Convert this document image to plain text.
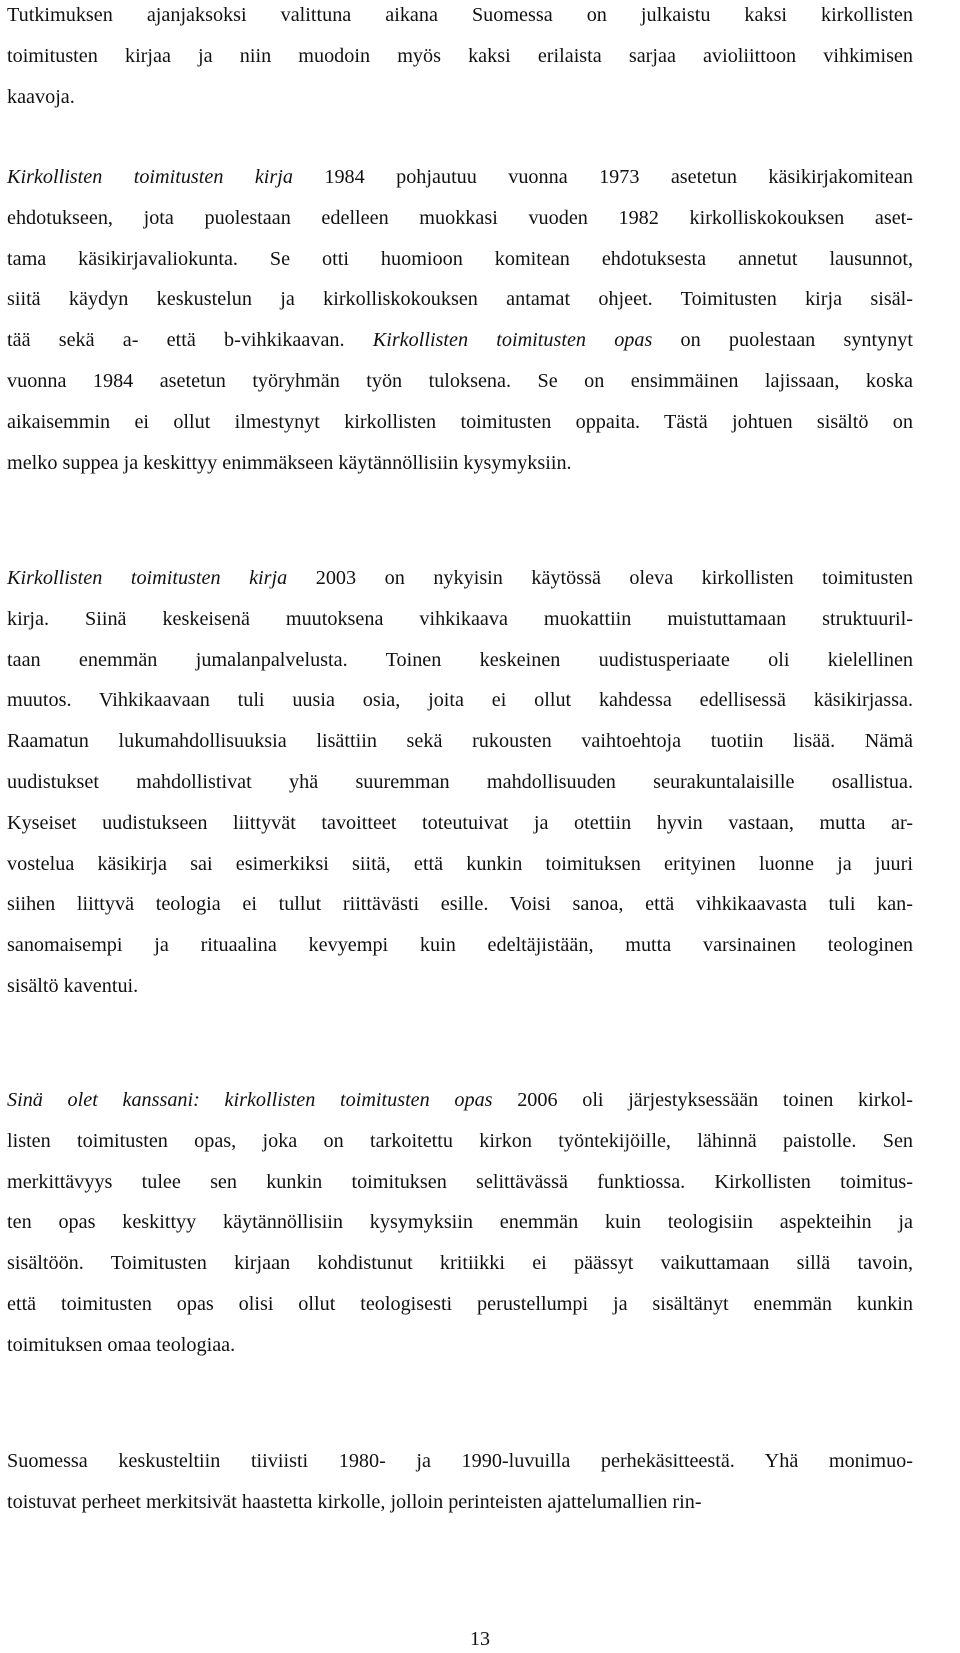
Tutkimuksen ajanjaksoksi valittuna aikana Suomessa on julkaistu kaksi kirkollisten
toimitusten kirjaa ja niin muodoin myös kaksi erilaista sarjaa avioliittoon vihkimisen
kaavoja.
Kirkollisten toimitusten kirja 1984 pohjautuu vuonna 1973 asetetun käsikirjakomitean
ehdotukseen, jota puolestaan edelleen muokkasi vuoden 1982 kirkolliskokouksen aset-
tama käsikirjavaliokunta. Se otti huomioon komitean ehdotuksesta annetut lausunnot,
siitä käydyn keskustelun ja kirkolliskokouksen antamat ohjeet. Toimitusten kirja sisäl-
tää sekä a- että b-vihkikaavan. Kirkollisten toimitusten opas on puolestaan syntynyt
vuonna 1984 asetetun työryhmän työn tuloksena. Se on ensimmäinen lajissaan, koska
aikaisemmin ei ollut ilmestynyt kirkollisten toimitusten oppaita. Tästä johtuen sisältö on
melko suppea ja keskittyy enimmäkseen käytännöllisiin kysymyksiin.
Kirkollisten toimitusten kirja 2003 on nykyisin käytössä oleva kirkollisten toimitusten
kirja. Siinä keskeisenä muutoksena vihkikaava muokattiin muistuttamaan struktuuril-
taan enemmän jumalanpalvelusta. Toinen keskeinen uudistusperiaate oli kielellinen
muutos. Vihkikaavaan tuli uusia osia, joita ei ollut kahdessa edellisessä käsikirjassa.
Raamatun lukumahdollisuuksia lisättiin sekä rukousten vaihtoehtoja tuotiin lisää. Nämä
uudistukset mahdollistivat yhä suuremman mahdollisuuden seurakuntalaisille osallistua.
Kyseiset uudistukseen liittyvät tavoitteet toteutuivat ja otettiin hyvin vastaan, mutta ar-
vostelua käsikirja sai esimerkiksi siitä, että kunkin toimituksen erityinen luonne ja juuri
siihen liittyvä teologia ei tullut riittävästi esille. Voisi sanoa, että vihkikaavasta tuli kan-
sanomaisempi ja rituaalina kevyempi kuin edeltäjistään, mutta varsinainen teologinen
sisältö kaventui.
Sinä olet kanssani: kirkollisten toimitusten opas 2006 oli järjestyksessään toinen kirkol-
listen toimitusten opas, joka on tarkoitettu kirkon työntekijöille, lähinnä paistolle. Sen
merkittävyys tulee sen kunkin toimituksen selittävässä funktiossa. Kirkollisten toimitus-
ten opas keskittyy käytännöllisiin kysymyksiin enemmän kuin teologisiin aspekteihin ja
sisältöön. Toimitusten kirjaan kohdistunut kritiikki ei päässyt vaikuttamaan sillä tavoin,
että toimitusten opas olisi ollut teologisesti perustellumpi ja sisältänyt enemmän kunkin
toimituksen omaa teologiaa.
Suomessa keskusteltiin tiiviisti 1980- ja 1990-luvuilla perhekäsitteestä. Yhä monimuo-
toistuvat perheet merkitsivät haastetta kirkolle, jolloin perinteisten ajattelumallien rin-
13
